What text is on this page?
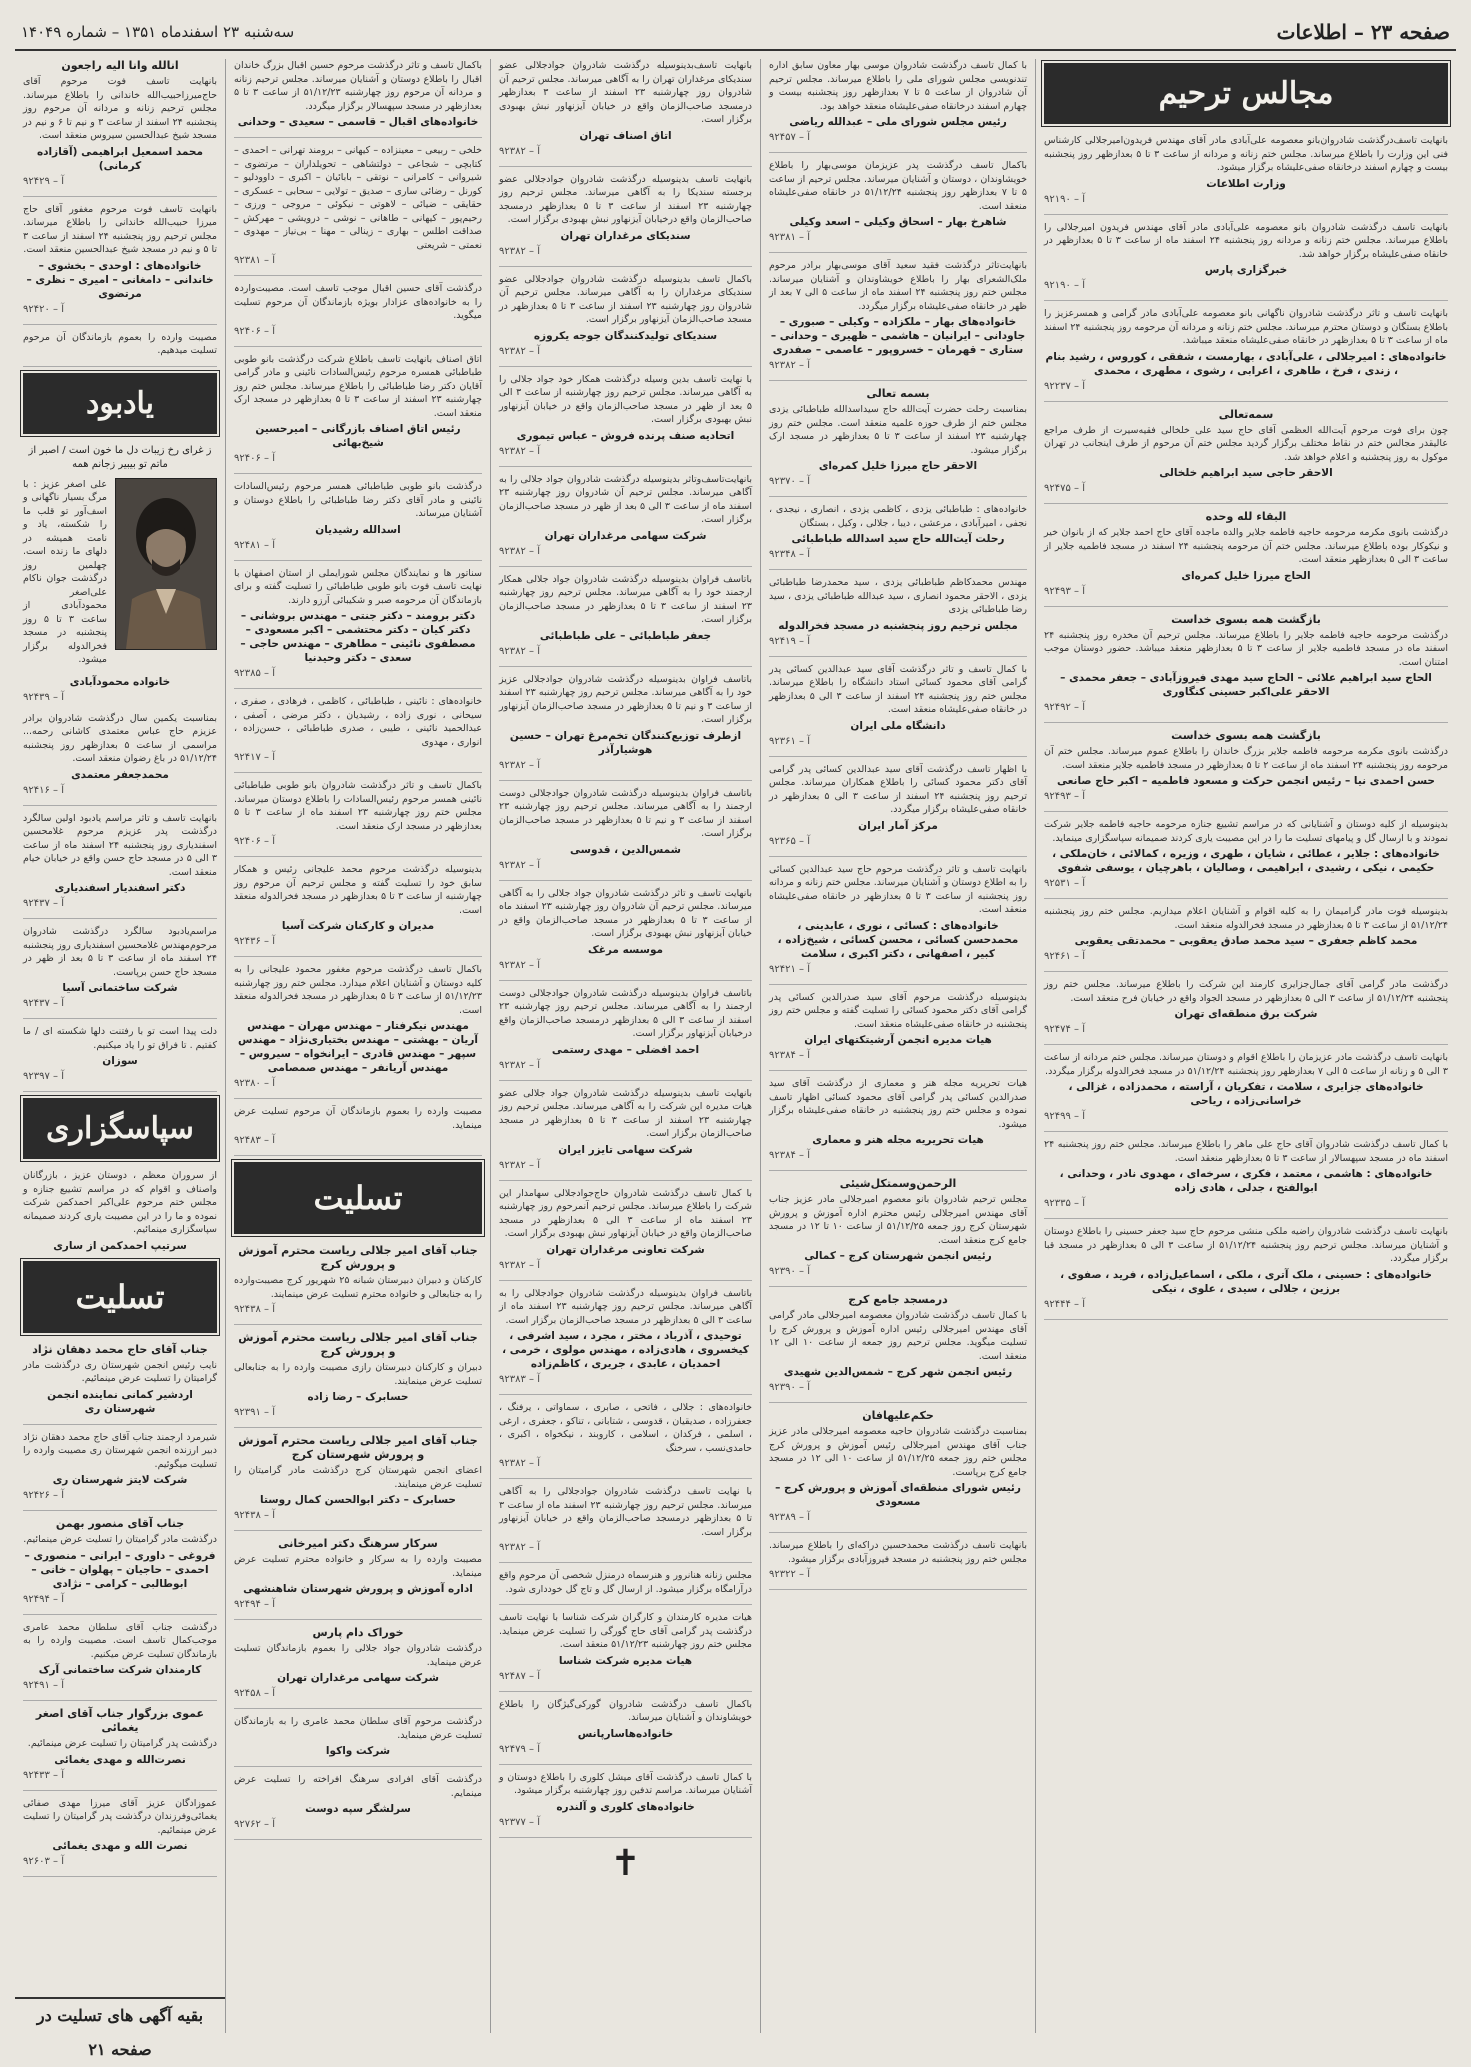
صفحه ۲۳ – اطلاعات
سه‌شنبه ۲۳ اسفندماه ۱۳۵۱ – شماره ۱۴۰۴۹
مجالس ترحیم
بانهایت تاسف‌درگذشت شادروان‌بانو معصومه علی‌آبادی مادر آقای مهندس فریدون‌امیرجلالی کارشناس فنی این وزارت را باطلاع میرساند. مجلس ختم زنانه و مردانه از ساعت ۳ تا ۵ بعدازظهر روز پنجشنبه بیست و چهارم اسفند درخانقاه صفی‌علیشاه برگزار میشود.
وزارت اطلاعات
آ – ۹۲۱۹۰
بانهایت تاسف درگذشت شادروان بانو معصومه علی‌آبادی مادر آقای مهندس فریدون امیرجلالی را باطلاع میرساند. مجلس ختم زنانه و مردانه روز پنجشنبه ۲۴ اسفند ماه از ساعت ۳ تا ۵ بعدازظهر در خانقاه صفی‌علیشاه برگزار خواهد شد.
خبرگزاری پارس
آ – ۹۲۱۹۰
بانهایت تاسف و تاثر درگذشت شادروان ناگهانی بانو معصومه علی‌آبادی مادر گرامی و همسرعزیز را باطلاع بستگان و دوستان محترم میرساند. مجلس ختم زنانه و مردانه آن مرحومه روز پنجشنبه ۲۴ اسفند ماه از ساعت ۳ تا ۵ بعدازظهر در خانقاه صفی‌علیشاه منعقد میباشد.
خانواده‌های : امیرجلالی ، علی‌آبادی ، بهارمست ، شفقی ، کوروس ، رشید بنام ، زندی ، فرخ ، طاهری ، اعرابی ، رشوی ، مطهری ، محمدی
آ – ۹۲۲۳۷
سمه‌تعالی
چون برای فوت مرحوم آیت‌الله العظمی آقای حاج سید علی خلخالی فقیه‌سیرت از طرف مراجع عالیقدر مجالس ختم در نقاط مختلف برگزار گردید مجلس ختم آن مرحوم از طرف اینجانب در تهران موکول به روز پنجشنبه و اعلام خواهد شد.
الاحقر حاجی سید ابراهیم خلخالی
آ – ۹۲۴۷۵
البقاء لله وحده
درگذشت بانوی مکرمه مرحومه حاجیه فاطمه جلایر والده ماجده آقای حاج احمد جلایر که از بانوان خیر و نیکوکار بوده باطلاع میرساند. مجلس ختم آن مرحومه پنجشنبه ۲۴ اسفند در مسجد فاطمیه جلایر از ساعت ۳ الی ۵ بعدازظهر منعقد است.
الحاج میرزا خلیل کمره‌ای
آ – ۹۲۴۹۳
بازگشت همه بسوی خداست
درگذشت مرحومه حاجیه فاطمه جلایر را باطلاع میرساند. مجلس ترحیم آن مخدره روز پنجشنبه ۲۴ اسفند ماه در مسجد فاطمیه جلایر از ساعت ۳ تا ۵ بعدازظهر منعقد میباشد. حضور دوستان موجب امتنان است.
الحاج سید ابراهیم علائی – الحاج سید مهدی فیروزآبادی – جعفر محمدی – الاحقر علی‌اکبر حسینی کنگاوری
آ – ۹۲۴۹۲
بازگشت همه بسوی خداست
درگذشت بانوی مکرمه مرحومه فاطمه جلایر بزرگ خاندان را باطلاع عموم میرساند. مجلس ختم آن مرحومه روز پنجشنبه ۲۴ اسفند ماه از ساعت ۲ تا ۵ بعدازظهر در مسجد فاطمیه جلایر منعقد است.
حسن احمدی نیا – رئیس انجمن حرکت و مسعود فاطمیه – اکبر حاج صانعی
آ – ۹۲۴۹۳
بدینوسیله از کلیه دوستان و آشنایانی که در مراسم تشییع جنازه مرحومه حاجیه فاطمه جلایر شرکت نمودند و با ارسال گل و پیامهای تسلیت ما را در این مصیبت یاری کردند صمیمانه سپاسگزاری مینماید.
خانواده‌های : جلایر ، عطائی ، شایان ، طهری ، وزیره ، کمالائی ، خان‌ملکی ، حکیمی ، نیکی ، رشیدی ، ابراهیمی ، وصالیان ، باهرچیان ، یوسفی شفوی
آ – ۹۲۵۳۱
بدینوسیله فوت مادر گرامیمان را به کلیه اقوام و آشنایان اعلام میداریم. مجلس ختم روز پنجشنبه ۵۱/۱۲/۲۴ از ساعت ۳ تا ۵ بعدازظهر در مسجد فخرالدوله منعقد است.
محمد کاظم جعفری – سید محمد صادق یعقوبی – محمدتقی یعقوبی
آ – ۹۲۴۶۱
درگذشت مادر گرامی آقای جمال‌جزایری کارمند این شرکت را باطلاع میرساند. مجلس ختم روز پنجشنبه ۵۱/۱۲/۲۴ از ساعت ۳ الی ۵ بعدازظهر در مسجد الجواد واقع در خیابان فرح منعقد است.
شرکت برق منطقه‌ای تهران
آ – ۹۲۴۷۴
بانهایت تاسف درگذشت مادر عزیزمان را باطلاع اقوام و دوستان میرساند. مجلس ختم مردانه از ساعت ۳ الی ۵ و زنانه از ساعت ۵ الی ۷ بعدازظهر روز پنجشنبه ۵۱/۱۲/۲۴ در مسجد فخرالدوله برگزار میگردد.
خانواده‌های جزایری ، سلامت ، تفکریان ، آراسته ، محمدزاده ، غزالی ، خراسانی‌زاده ، ریاحی
آ – ۹۲۴۹۹
با کمال تاسف درگذشت شادروان آقای حاج علی ماهر را باطلاع میرساند. مجلس ختم روز پنجشنبه ۲۴ اسفند ماه در مسجد سپهسالار از ساعت ۳ تا ۵ بعدازظهر منعقد است.
خانواده‌های : هاشمی ، معتمد ، فکری ، سرخه‌ای ، مهدوی نادر ، وحدانی ، ابوالفتح ، جدلی ، هادی زاده
آ – ۹۲۳۳۵
بانهایت تاسف درگذشت شادروان راضیه ملکی منشی مرحوم حاج سید جعفر حسینی را باطلاع دوستان و آشنایان میرساند. مجلس ترحیم روز پنجشنبه ۵۱/۱۲/۲۴ از ساعت ۳ الی ۵ بعدازظهر در مسجد قبا برگزار میگردد.
خانواده‌های : حسینی ، ملک آتری ، ملکی ، اسماعیل‌زاده ، فرید ، صفوی ، برزین ، جلالی ، سیدی ، علوی ، نیکی
آ – ۹۲۴۴۴
با کمال تاسف درگذشت شادروان موسی بهار معاون سابق اداره تندنویسی مجلس شورای ملی را باطلاع میرساند. مجلس ترحیم آن شادروان از ساعت ۵ تا ۷ بعدازظهر روز پنجشنبه بیست و چهارم اسفند درخانقاه صفی‌علیشاه منعقد خواهد بود.
رئیس مجلس شورای ملی – عبدالله ریاضی
آ – ۹۲۴۵۷
باکمال تاسف درگذشت پدر عزیزمان موسی‌بهار را باطلاع خویشاوندان ، دوستان و آشنایان میرساند. مجلس ترحیم از ساعت ۵ تا ۷ بعدازظهر روز پنجشنبه ۵۱/۱۲/۲۴ در خانقاه صفی‌علیشاه منعقد است.
شاهرخ بهار – اسحاق وکیلی – اسعد وکیلی
آ – ۹۲۳۸۱
بانهایت‌تاثر درگذشت فقید سعید آقای موسی‌بهار برادر مرحوم ملک‌الشعرای بهار را باطلاع خویشاوندان و آشنایان میرساند. مجلس ختم روز پنجشنبه ۲۴ اسفند ماه از ساعت ۵ الی ۷ بعد از ظهر در خانقاه صفی‌علیشاه برگزار میگردد.
خانواده‌های بهار – ملکزاده – وکیلی – صبوری – جاودانی – ایرانیان – هاشمی – ظهیری – وحدانی – ستاری – قهرمان – خسروپور – عاصمی – صفدری
آ – ۹۲۳۸۲
بسمه تعالی
بمناسبت رحلت حضرت آیت‌الله حاج سیداسدالله طباطبائی یزدی مجلس ختم از طرف حوزه علمیه منعقد است. مجلس ختم روز چهارشنبه ۲۳ اسفند از ساعت ۳ تا ۵ بعدازظهر در مسجد ارک برگزار میشود.
الاحقر حاج میرزا خلیل کمره‌ای
آ – ۹۲۳۷۰
خانواده‌های : طباطبائی یزدی ، کاظمی یزدی ، انصاری ، نیجدی ، نجفی ، امیرآبادی ، مرعشی ، دیبا ، جلالی ، وکیل ، بستگان
رحلت آیت‌الله حاج سید اسدالله طباطبائی
آ – ۹۲۳۴۸
مهندس محمدکاظم طباطبائی یزدی ، سید محمدرضا طباطبائی یزدی ، الاحقر محمود انصاری ، سید عبدالله طباطبائی یزدی ، سید رضا طباطبائی یزدی
مجلس ترحیم روز پنجشنبه در مسجد فخرالدوله
آ – ۹۲۴۱۹
با کمال تاسف و تاثر درگذشت آقای سید عبدالدین کسائی پدر گرامی آقای محمود کسائی استاد دانشگاه را باطلاع میرساند. مجلس ختم روز پنجشنبه ۲۴ اسفند از ساعت ۳ الی ۵ بعدازظهر در خانقاه صفی‌علیشاه منعقد است.
دانشگاه ملی ایران
آ – ۹۲۳۶۱
با اظهار تاسف درگذشت آقای سید عبدالدین کسائی پدر گرامی آقای دکتر محمود کسائی را باطلاع همکاران میرساند. مجلس ترحیم روز پنجشنبه ۲۴ اسفند از ساعت ۳ الی ۵ بعدازظهر در خانقاه صفی‌علیشاه برگزار میگردد.
مرکز آمار ایران
آ – ۹۲۳۶۵
بانهایت تاسف و تاثر درگذشت مرحوم حاج سید عبدالدین کسائی را به اطلاع دوستان و آشنایان میرساند. مجلس ختم زنانه و مردانه روز پنجشنبه از ساعت ۳ تا ۵ بعدازظهر در خانقاه صفی‌علیشاه منعقد است.
خانواده‌های : کسائی ، نوری ، عابدینی ، محمدحسن کسائی ، محسن کسائی ، شیخ‌زاده ، کبیر ، اصفهانی ، دکتر اکبری ، سلامت
آ – ۹۲۴۲۱
بدینوسیله درگذشت مرحوم آقای سید صدرالدین کسائی پدر گرامی آقای دکتر محمود کسائی را تسلیت گفته و مجلس ختم روز پنجشنبه در خانقاه صفی‌علیشاه منعقد است.
هیات مدیره انجمن آرشیتکتهای ایران
آ – ۹۲۳۸۴
هیات تحریریه مجله هنر و معماری از درگذشت آقای سید صدرالدین کسائی پدر گرامی آقای محمود کسائی اظهار تاسف نموده و مجلس ختم روز پنجشنبه در خانقاه صفی‌علیشاه برگزار میشود.
هیات تحریریه مجله هنر و معماری
آ – ۹۲۳۸۴
الرحمن‌وسمتکل‌شیئی
مجلس ترحیم شادروان بانو معصوم امیرجلالی مادر عزیز جناب آقای مهندس امیرجلالی رئیس محترم اداره آموزش و پرورش شهرستان کرج روز جمعه ۵۱/۱۲/۲۵ از ساعت ۱۰ تا ۱۲ در مسجد جامع کرج منعقد است.
رئیس انجمن شهرستان کرج – کمالی
آ – ۹۲۳۹۰
درمسجد جامع کرج
با کمال تاسف درگذشت شادروان معصومه امیرجلالی مادر گرامی آقای مهندس امیرجلالی رئیس اداره آموزش و پرورش کرج را تسلیت میگوید. مجلس ترحیم روز جمعه از ساعت ۱۰ الی ۱۲ منعقد است.
رئیس انجمن شهر کرج – شمس‌الدین شهیدی
آ – ۹۲۳۹۰
حکم‌علیهافان
بمناسبت درگذشت شادروان حاجیه معصومه امیرجلالی مادر عزیز جناب آقای مهندس امیرجلالی رئیس آموزش و پرورش کرج مجلس ختم روز جمعه ۵۱/۱۲/۲۵ از ساعت ۱۰ الی ۱۲ در مسجد جامع کرج برپاست.
رئیس شورای منطقه‌ای آموزش و پرورش کرج – مسعودی
آ – ۹۲۳۸۹
بانهایت تاسف درگذشت محمدحسین دراکه‌ای را باطلاع میرساند. مجلس ختم روز پنجشنبه در مسجد فیروزآبادی برگزار میشود.
آ – ۹۲۳۲۲
بانهایت تاسف‌بدینوسیله درگذشت شادروان جوادجلالی عضو سندیکای مرغداران تهران را به آگاهی میرساند. مجلس ترحیم آن شادروان روز چهارشنبه ۲۳ اسفند از ساعت ۳ بعدازظهر درمسجد صاحب‌الزمان واقع در خیابان آیزنهاور نبش بهبودی برگزار است.
اتاق اصناف تهران
آ – ۹۲۳۸۲
بانهایت تاسف بدینوسیله درگذشت شادروان جوادجلالی عضو برجسته سندیکا را به آگاهی میرساند. مجلس ترحیم روز چهارشنبه ۲۳ اسفند از ساعت ۳ تا ۵ بعدازظهر درمسجد صاحب‌الزمان واقع درخیابان آیزنهاور نبش بهبودی برگزار است.
سندیکای مرغداران تهران
آ – ۹۲۳۸۲
باکمال تاسف بدینوسیله درگذشت شادروان جوادجلالی عضو سندیکای مرغداران را به آگاهی میرساند. مجلس ترحیم آن شادروان روز چهارشنبه ۲۳ اسفند از ساعت ۳ تا ۵ بعدازظهر در مسجد صاحب‌الزمان آیزنهاور برگزار است.
سندیکای تولیدکنندگان جوجه یکروزه
آ – ۹۲۳۸۲
با نهایت تاسف بدین وسیله درگذشت همکار خود جواد جلالی را به آگاهی میرساند. مجلس ترحیم روز چهارشنبه از ساعت ۳ الی ۵ بعد از ظهر در مسجد صاحب‌الزمان واقع در خیابان آیزنهاور نبش بهبودی برگزار است.
اتحادیه صنف پرنده فروش – عباس تیموری
آ – ۹۲۳۸۲
بانهایت‌تاسف‌وتاثر بدینوسیله درگذشت شادروان جواد جلالی را به آگاهی میرساند. مجلس ترحیم آن شادروان روز چهارشنبه ۲۳ اسفند ماه از ساعت ۳ الی ۵ بعد از ظهر در مسجد صاحب‌الزمان برگزار است.
شرکت سهامی مرغداران تهران
آ – ۹۲۳۸۲
باتاسف فراوان بدینوسیله درگذشت شادروان جواد جلالی همکار ارجمند خود را به آگاهی میرساند. مجلس ترحیم روز چهارشنبه ۲۳ اسفند از ساعت ۳ تا ۵ بعدازظهر در مسجد صاحب‌الزمان برگزار است.
جعفر طباطبائی – علی طباطبائی
آ – ۹۲۳۸۲
باتاسف فراوان بدینوسیله درگذشت شادروان جوادجلالی عزیز خود را به آگاهی میرساند. مجلس ترحیم روز چهارشنبه ۲۳ اسفند از ساعت ۳ و نیم تا ۵ بعدازظهر در مسجد صاحب‌الزمان آیزنهاور برگزار است.
ازطرف توزیع‌کنندگان تخم‌مرغ تهران – حسین هوشیارآذر
آ – ۹۲۳۸۲
باتاسف فراوان بدینوسیله درگذشت شادروان جوادجلالی دوست ارجمند را به آگاهی میرساند. مجلس ترحیم روز چهارشنبه ۲۳ اسفند از ساعت ۳ و نیم تا ۵ بعدازظهر در مسجد صاحب‌الزمان برگزار است.
شمس‌الدین ، قدوسی
آ – ۹۲۳۸۲
بانهایت تاسف و تاثر درگذشت شادروان جواد جلالی را به آگاهی میرساند. مجلس ترحیم آن شادروان روز چهارشنبه ۲۳ اسفند ماه از ساعت ۳ تا ۵ بعدازظهر در مسجد صاحب‌الزمان واقع در خیابان آیزنهاور نبش بهبودی برگزار است.
موسسه مرغک
آ – ۹۲۳۸۲
باتاسف فراوان بدینوسیله درگذشت شادروان جوادجلالی دوست ارجمند را به آگاهی میرساند. مجلس ترحیم روز چهارشنبه ۲۳ اسفند از ساعت ۳ الی ۵ بعدازظهر درمسجد صاحب‌الزمان واقع درخیابان آیزنهاور برگزار است.
احمد افضلی – مهدی رستمی
آ – ۹۲۳۸۲
بانهایت تاسف بدینوسیله درگذشت شادروان جواد جلالی عضو هیات مدیره این شرکت را به آگاهی میرساند. مجلس ترحیم روز چهارشنبه ۲۳ اسفند از ساعت ۳ تا ۵ بعدازظهر در مسجد صاحب‌الزمان برگزار است.
شرکت سهامی تایزر ایران
آ – ۹۲۳۸۲
با کمال تاسف درگذشت شادروان حاج‌جوادجلالی سهامدار این شرکت را باطلاع میرساند. مجلس ترحیم آنمرحوم روز چهارشنبه ۲۳ اسفند ماه از ساعت ۳ الی ۵ بعدازظهر در مسجد صاحب‌الزمان واقع در خیابان آیزنهاور نبش بهبودی برگزار است.
شرکت تعاونی مرغداران تهران
آ – ۹۲۳۸۲
باتاسف فراوان بدینوسیله درگذشت شادروان جوادجلالی را به آگاهی میرساند. مجلس ترحیم روز چهارشنبه ۲۳ اسفند ماه از ساعت ۳ الی ۵ بعدازظهر در مسجد صاحب‌الزمان برگزار است.
توحیدی ، آذرباد ، مختر ، مجرد ، سید اشرفی ، کیخسروی ، هادی‌زاده ، مهندس مولوی ، خرمی ، احمدیان ، عابدی ، جریری ، کاظم‌زاده
آ – ۹۲۳۸۳
خانواده‌های : جلالی ، فاتحی ، صابری ، سماواتی ، یرفنگ ، جعفرزاده ، صدیقیان ، قدوسی ، شتابانی ، تناکو ، جعفری ، ارغی ، اسلمی ، فرکدان ، اسلامی ، کاروبند ، نیکخواه ، اکبری ، حامدی‌نسب ، سرخنگ
آ – ۹۲۳۸۲
با نهایت تاسف درگذشت شادروان جوادجلالی را به آگاهی میرساند. مجلس ترحیم روز چهارشنبه ۲۳ اسفند ماه از ساعت ۳ تا ۵ بعدازظهر درمسجد صاحب‌الزمان واقع در خیابان آیزنهاور برگزار است.
آ – ۹۲۳۸۲
مجلس زنانه‌ هنانرور و هنرسماه درمنزل شخصی آن مرحوم واقع درآرامگاه برگزار میشود. از ارسال گل و تاج گل خودداری شود.
هیات مدیره کارمندان و کارگران شرکت شناسا با نهایت تاسف درگذشت پدر گرامی آقای حاج گورگی را تسلیت عرض مینماید. مجلس ختم روز چهارشنبه ۵۱/۱۲/۲۳ منعقد است.
هیات مدیره شرکت شناسا
آ – ۹۲۴۸۷
باکمال تاسف درگذشت شادروان گورکی‌گیژگان را باطلاع خویشاوندان و آشنایان میرساند.
خانواده‌هاسارپانس
آ – ۹۲۴۷۹
با کمال تاسف درگذشت آقای میشل کلوری را باطلاع دوستان و آشنایان میرساند. مراسم تدفین روز چهارشنبه برگزار میشود.
خانواده‌های کلوری و آلندره
آ – ۹۲۳۷۷
✝
باکمال تاسف و تاثر درگذشت مرحوم حسین اقبال بزرگ خاندان اقبال را باطلاع دوستان و آشنایان میرساند. مجلس ترحیم زنانه و مردانه آن مرحوم روز چهارشنبه ۵۱/۱۲/۲۳ از ساعت ۳ تا ۵ بعدازظهر در مسجد سپهسالار برگزار میگردد.
خانواده‌های اقبال – قاسمی – سعیدی – وحدانی
خلخی – ربیعی – معینزاده – کیهانی – برومند تهرانی – احمدی – کتابچی – شجاعی – دولتشاهی – تحویلداران – مرتضوی – شیروانی – کامرانی – نوتقی – بابائیان – اکبری – داوودلیو – کورنل – رضائی ساری – صدیق – تولایی – سحابی – عسکری – حقایقی – ضیائی – لاهوتی – نیکوئی – مروجی – ورزی – رحیم‌پور – کیهانی – طاهانی – نوشی – درویشی – مهرکش – صداقت اطلس – بهاری – زینالی – مهنا – بی‌نیاز – مهدوی – نعمتی – شریعتی
آ – ۹۲۳۸۱
درگذشت آقای حسین اقبال موجب تاسف است. مصیبت‌واردہ را به خانواده‌های عزادار بویژه بازماندگان آن مرحوم تسلیت میگوید.
آ – ۹۲۴۰۶
اتاق اصناف بانهایت تاسف باطلاع شرکت درگذشت بانو طوبی طباطبائی همسره مرحوم رئیس‌السادات نائینی و مادر گرامی آقایان دکتر رضا طباطبائی را باطلاع میرساند. مجلس ختم روز چهارشنبه ۲۳ اسفند از ساعت ۳ تا ۵ بعدازظهر در مسجد ارک منعقد است.
رئیس اتاق اصناف بازرگانی – امیرحسین شیخ‌بهائی
آ – ۹۲۴۰۶
درگذشت بانو طوبی طباطبائی همسر مرحوم رئیس‌السادات نائینی و مادر آقای دکتر رضا طباطبائی را باطلاع دوستان و آشنایان میرساند.
اسدالله رشیدیان
آ – ۹۲۴۸۱
سناتور ها و نمایندگان مجلس شورایملی از استان اصفهان با نهایت تاسف فوت بانو طوبی طباطبائی را تسلیت گفته و برای بازماندگان آن مرحومه صبر و شکیبائی آرزو دارند.
دکتر برومند – دکتر جنتی – مهندس بروشانی – دکتر کیان – دکتر محتشمی – اکبر مسعودی – مصطفوی نائینی – مطاهری – مهندس حاجی – سعدی – دکتر وحیدنیا
آ – ۹۲۳۸۵
خانواده‌های : نائینی ، طباطبائی ، کاظمی ، فرهادی ، صفری ، سیحانی ، نوری زاده ، رشیدیان ، دکتر مرضی ، آصفی ، عبدالحمید نائینی ، طیبی ، صدری طباطبائی ، حسن‌زاده ، انواری ، مهدوی
آ – ۹۲۴۱۷
باکمال تاسف و تاثر درگذشت شادروان بانو طوبی طباطبائی نائینی همسر مرحوم رئیس‌السادات را باطلاع دوستان میرساند. مجلس ختم روز چهارشنبه ۲۳ اسفند ماه از ساعت ۳ تا ۵ بعدازظهر در مسجد ارک منعقد است.
آ – ۹۲۴۰۶
بدینوسیله درگذشت مرحوم محمد علیجانی رئیس و همکار سابق خود را تسلیت گفته و مجلس ترحیم آن مرحوم روز چهارشنبه از ساعت ۳ تا ۵ بعدازظهر در مسجد فخرالدوله منعقد است.
مدیران و کارکنان شرکت آسیا
آ – ۹۲۴۳۶
باکمال تاسف درگذشت مرحوم مغفور محمود علیجانی را به کلیه دوستان و آشنایان اعلام میدارد. مجلس ختم روز چهارشنبه ۵۱/۱۲/۲۳ از ساعت ۳ تا ۵ بعدازظهر در مسجد فخرالدوله منعقد است.
مهندس نیکرفتار – مهندس مهران – مهندس آریان – بهشتی – مهندس بختیاری‌نژاد – مهندس سپهر – مهندس قادری – ایرانخواه – سیروس – مهندس آریانفر – مهندس صمصامی
آ – ۹۲۳۸۰
مصیبت وارده را بعموم بازماندگان آن مرحوم تسلیت عرض مینماید.
آ – ۹۲۴۸۳
تسلیت
جناب آقای امیر جلالی ریاست محترم آموزش و پرورش کرج
کارکنان و دبیران دبیرستان شبانه ۲۵ شهریور کرج مصیبت‌وارده را به جنابعالی و خانواده محترم تسلیت عرض مینمایند.
آ – ۹۲۴۳۸
جناب آقای امیر جلالی ریاست محترم آموزش و پرورش کرج
دبیران و کارکنان دبیرستان رازی مصیبت وارده را به جنابعالی تسلیت عرض مینمایند.
حسابرک – رضا زاده
آ – ۹۲۳۹۱
جناب آقای امیر جلالی ریاست محترم آموزش و پرورش شهرستان کرج
اعضای انجمن شهرستان کرج درگذشت مادر گرامیتان را تسلیت عرض مینمایند.
حسابرک – دکتر ابوالحسن کمال روستا
آ – ۹۲۴۳۸
سرکار سرهنگ دکتر امیرخانی
مصیبت وارده را به سرکار و خانواده محترم تسلیت عرض مینماید.
اداره آموزش و پرورش شهرستان شاهنشهی
آ – ۹۲۴۹۴
خوراک دام پارس
درگذشت شادروان جواد جلالی را بعموم بازماندگان تسلیت عرض مینماید.
شرکت سهامی مرغداران تهران
آ – ۹۲۴۵۸
درگذشت مرحوم آقای سلطان محمد عامری را به بازماندگان تسلیت عرض مینماید.
شرکت واکوا
درگذشت آقای افرادی سرهنگ افراخته را تسلیت عرض مینمایم.
سرلشگر سپه دوست
آ – ۹۲۷۶۲
انالله وانا الیه راجعون
بانهایت تاسف فوت مرحوم آقای حاج‌میرزاحبیب‌الله خاندانی را باطلاع میرساند. مجلس ترحیم زنانه و مردانه آن مرحوم روز پنجشنبه ۲۴ اسفند از ساعت ۳ و نیم تا ۶ و نیم در مسجد شیخ عبدالحسین سیروس منعقد است.
محمد اسمعیل ابراهیمی (آقازاده کرمانی)
آ – ۹۲۴۲۹
بانهایت تاسف فوت مرحوم مغفور آقای حاج میرزا حبیب‌الله خاندانی را باطلاع میرساند. مجلس ترحیم روز پنجشنبه ۲۴ اسفند از ساعت ۳ تا ۵ و نیم در مسجد شیخ عبدالحسین منعقد است.
خانواده‌های : اوحدی – بخشوی – خاندانی – دامغانی – امیری – نظری – مرتضوی
آ – ۹۲۴۲۰
مصیبت وارده را بعموم بازماندگان آن مرحوم تسلیت میدهیم.
یادبود
ز غرای رخ زیبات دل ما خون است / اصبر از ماتم تو بیبیر زجانم همه
علی اصغر عزیز : با مرگ بسیار ناگهانی و اسف‌آور تو قلب ما را شکسته، یاد و نامت همیشه در دلهای ما زنده است. چهلمین روز درگذشت جوان ناکام علی‌اصغر محمودآبادی از ساعت ۳ تا ۵ روز پنجشنبه در مسجد فخرالدوله برگزار میشود.
خانواده محمودآبادی
آ – ۹۲۴۳۹
بمناسبت یکمین سال درگذشت شادروان برادر عزیزم حاج عباس معتمدی کاشانی رحمه... مراسمی از ساعت ۵ بعدازظهر روز پنجشنبه ۵۱/۱۲/۲۴ در باغ رضوان منعقد است.
محمدجعفر معتمدی
آ – ۹۲۴۱۶
بانهایت تاسف و تاثر مراسم یادبود اولین سالگرد درگذشت پدر عزیزم مرحوم غلامحسین اسفندیاری روز پنجشنبه ۲۴ اسفند ماه از ساعت ۳ الی ۵ در مسجد حاج حسن واقع در خیابان خیام منعقد است.
دکتر اسفندیار اسفندیاری
آ – ۹۲۴۳۷
مراسم‌یادبود سالگرد درگذشت شادروان مرحوم‌مهندس غلامحسین اسفندیاری روز پنجشنبه ۲۴ اسفند ماه از ساعت ۳ تا ۵ بعد از ظهر در مسجد حاج حسن برپاست.
شرکت ساختمانی آسیا
آ – ۹۲۴۳۷
دلت پیدا است تو با رفتنت دلها شکسته ای / ما کفتیم . تا فراق تو را یاد میکنیم.
سوزان
آ – ۹۲۳۹۷
سپاسگزاری
از سروران معظم ، دوستان عزیز ، بازرگانان واصناف و اقوام که در مراسم تشییع جنازه و مجلس ختم مرحوم علی‌اکبر احمدکمن شرکت نموده و ما را در این مصیبت یاری کردند صمیمانه سپاسگزاری مینمائیم.
سرتیپ احمدکمن از ساری
تسلیت
جناب آقای حاج محمد دهقان نژاد
نایب رئیس انجمن شهرستان ری درگذشت مادر گرامیتان را تسلیت عرض مینمائیم.
اردشیر کمانی نماینده انجمن شهرستان ری
شیرمرد ارجمند جناب آقای حاج محمد دهقان نژاد دبیر ارزنده انجمن شهرستان ری مصیبت وارده را تسلیت میگوئیم.
شرکت لایتز شهرستان ری
آ – ۹۲۴۲۶
جناب آقای منصور بهمن
درگذشت مادر گرامیتان را تسلیت عرض مینمائیم.
فروغی – داوری – ایرانی – منصوری – احمدی – حاجیان – پهلوان – خانی – ابوطالبی – کرامی – نژادی
آ – ۹۲۴۹۴
درگذشت جناب آقای سلطان محمد عامری موجب‌کمال تاسف است. مصیبت وارده را به بازماندگان تسلیت عرض میکنیم.
کارمندان شرکت ساختمانی آرک
آ – ۹۲۴۹۱
عموی بزرگوار جناب آقای اصغر یغمائی
درگذشت پدر گرامیتان را تسلیت عرض مینمائیم.
نصرت‌الله و مهدی یغمائی
آ – ۹۲۴۳۳
عموزادگان عزیز آقای میرزا مهدی صفائی یغمائی‌وفرزندان درگذشت پدر گرامیتان را تسلیت عرض مینمائیم.
نصرت الله و مهدی یغمائی
آ – ۹۲۶۰۳
بقیه آگهی های تسلیت در صفحه ۲۱
